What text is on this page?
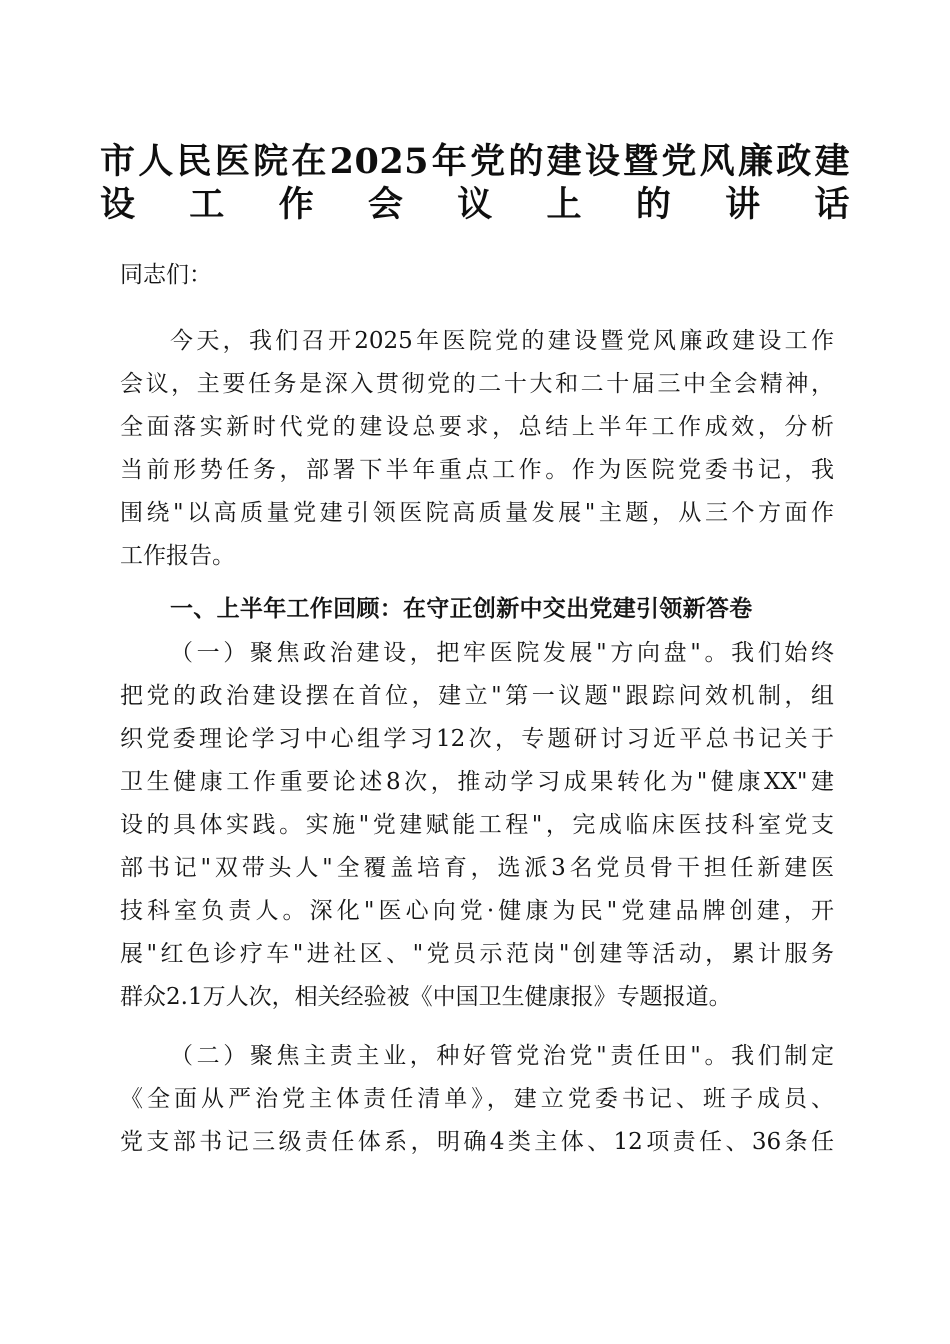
市人民医院在2025年党的建设暨党风廉政建
设工作会议上的讲话
同志们：
今天，我们召开2025年医院党的建设暨党风廉政建设工作
会议，主要任务是深入贯彻党的二十大和二十届三中全会精神，
全面落实新时代党的建设总要求，总结上半年工作成效，分析
当前形势任务，部署下半年重点工作。作为医院党委书记，我
围绕"以高质量党建引领医院高质量发展"主题，从三个方面作
工作报告。
一、上半年工作回顾：在守正创新中交出党建引领新答卷
（一）聚焦政治建设，把牢医院发展"方向盘"。我们始终
把党的政治建设摆在首位，建立"第一议题"跟踪问效机制，组
织党委理论学习中心组学习12次，专题研讨习近平总书记关于
卫生健康工作重要论述8次，推动学习成果转化为"健康XX"建
设的具体实践。实施"党建赋能工程"，完成临床医技科室党支
部书记"双带头人"全覆盖培育，选派3名党员骨干担任新建医
技科室负责人。深化"医心向党·健康为民"党建品牌创建，开
展"红色诊疗车"进社区、"党员示范岗"创建等活动，累计服务
群众2.1万人次，相关经验被《中国卫生健康报》专题报道。
（二）聚焦主责主业，种好管党治党"责任田"。我们制定
《全面从严治党主体责任清单》，建立党委书记、班子成员、
党支部书记三级责任体系，明确4类主体、12项责任、36条任
